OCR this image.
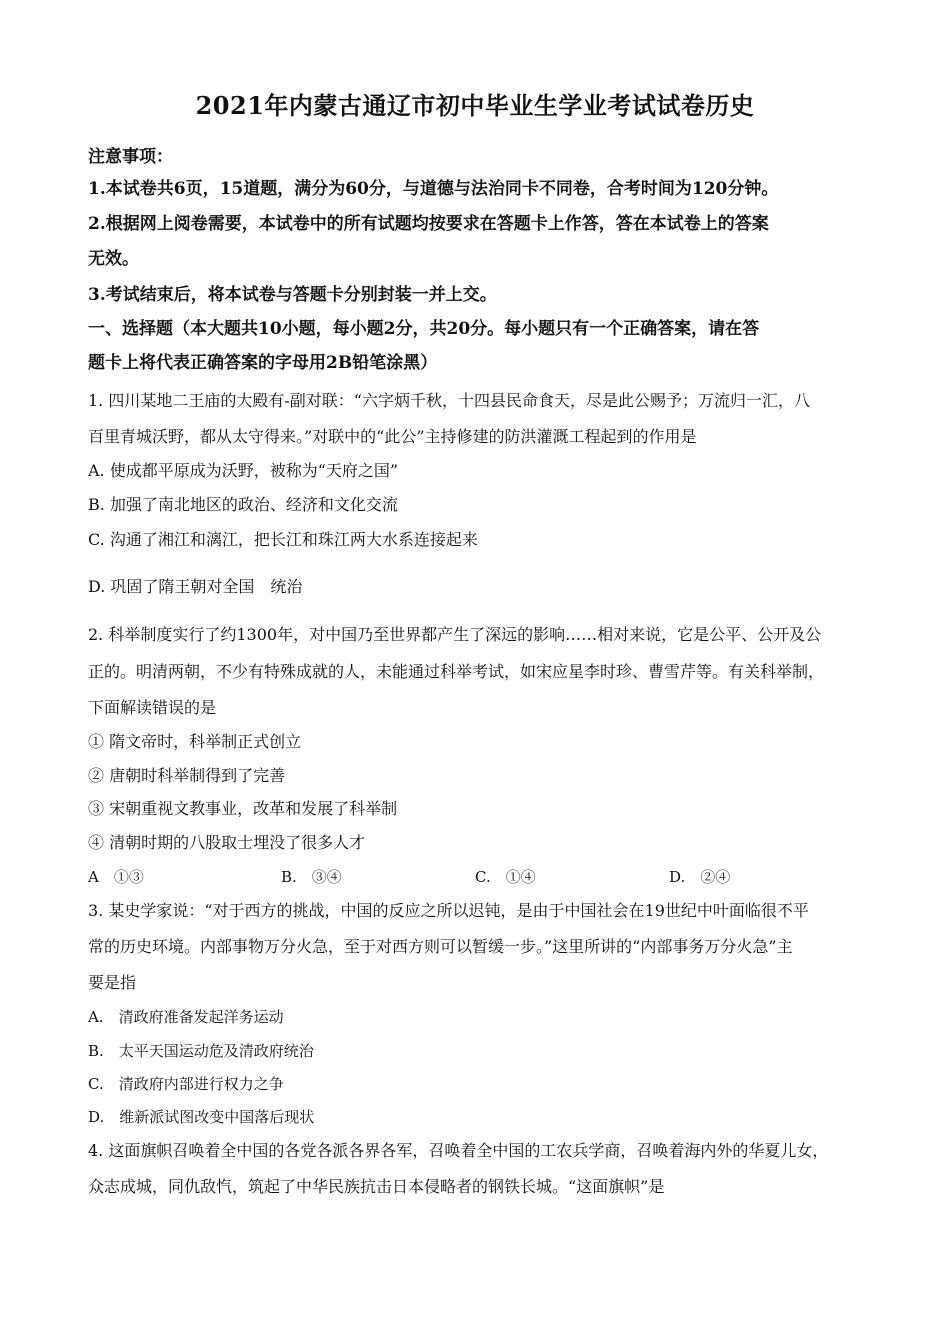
2021年内蒙古通辽市初中毕业生学业考试试卷历史
注意事项：
1.本试卷共6页，15道题，满分为60分，与道德与法治同卡不同卷，合考时间为120分钟。
2.根据网上阅卷需要，本试卷中的所有试题均按要求在答题卡上作答，答在本试卷上的答案
无效。
3.考试结束后，将本试卷与答题卡分别封装一并上交。
一、选择题（本大题共10小题，每小题2分，共20分。每小题只有一个正确答案，请在答
题卡上将代表正确答案的字母用2B铅笔涂黑）
1. 四川某地二王庙的大殿有-副对联：“六字炳千秋，十四县民命食天，尽是此公赐予；万流归一汇，八
百里青城沃野，都从太守得来。”对联中的“此公”主持修建的防洪灌溉工程起到的作用是
A. 使成都平原成为沃野，被称为“天府之国”
B. 加强了南北地区的政治、经济和文化交流
C. 沟通了湘江和漓江，把长江和珠江两大水系连接起来
D. 巩固了隋王朝对全国　统治
2. 科举制度实行了约1300年，对中国乃至世界都产生了深远的影响……相对来说，它是公平、公开及公
正的。明清两朝，不少有特殊成就的人，未能通过科举考试，如宋应星李时珍、曹雪芹等。有关科举制，
下面解读错误的是
① 隋文帝时，科举制正式创立
② 唐朝时科举制得到了完善
③ 宋朝重视文教事业，改革和发展了科举制
④ 清朝时期的八股取士埋没了很多人才
A　①③	B.　③④	C.　①④	D.　②④
3. 某史学家说：“对于西方的挑战，中国的反应之所以迟钝，是由于中国社会在19世纪中叶面临很不平
常的历史环境。内部事物万分火急，至于对西方则可以暂缓一步。”这里所讲的“内部事务万分火急”主
要是指
A.　清政府准备发起洋务运动
B.　太平天国运动危及清政府统治
C.　清政府内部进行权力之争
D.　维新派试图改变中国落后现状
4. 这面旗帜召唤着全中国的各党各派各界各军，召唤着全中国的工农兵学商，召唤着海内外的华夏儿女，
众志成城，同仇敌忾，筑起了中华民族抗击日本侵略者的钢铁长城。“这面旗帜”是
